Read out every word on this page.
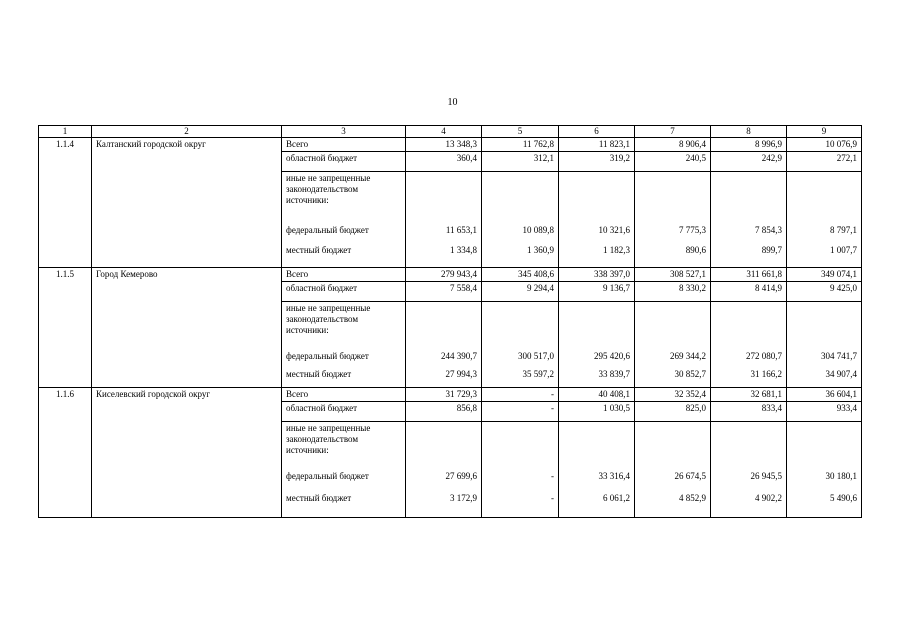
10
1	2	3	4	5	6	7	8	9
1.1.4	Калтанский городской округ	Всего	13 348,3	11 762,8	11 823,1	8 906,4	8 996,9	10 076,9
		областной бюджет	360,4	312,1	319,2	240,5	242,9	272,1
		иные не запрещенные законодательством источники:						
		федеральный бюджет	11 653,1	10 089,8	10 321,6	7 775,3	7 854,3	8 797,1
		местный бюджет	1 334,8	1 360,9	1 182,3	890,6	899,7	1 007,7
1.1.5	Город Кемерово	Всего	279 943,4	345 408,6	338 397,0	308 527,1	311 661,8	349 074,1
		областной бюджет	7 558,4	9 294,4	9 136,7	8 330,2	8 414,9	9 425,0
		иные не запрещенные законодательством источники:						
		федеральный бюджет	244 390,7	300 517,0	295 420,6	269 344,2	272 080,7	304 741,7
		местный бюджет	27 994,3	35 597,2	33 839,7	30 852,7	31 166,2	34 907,4
1.1.6	Киселевский городской округ	Всего	31 729,3	-	40 408,1	32 352,4	32 681,1	36 604,1
		областной бюджет	856,8	-	1 030,5	825,0	833,4	933,4
		иные не запрещенные законодательством источники:						
		федеральный бюджет	27 699,6	-	33 316,4	26 674,5	26 945,5	30 180,1
		местный бюджет	3 172,9	-	6 061,2	4 852,9	4 902,2	5 490,6
